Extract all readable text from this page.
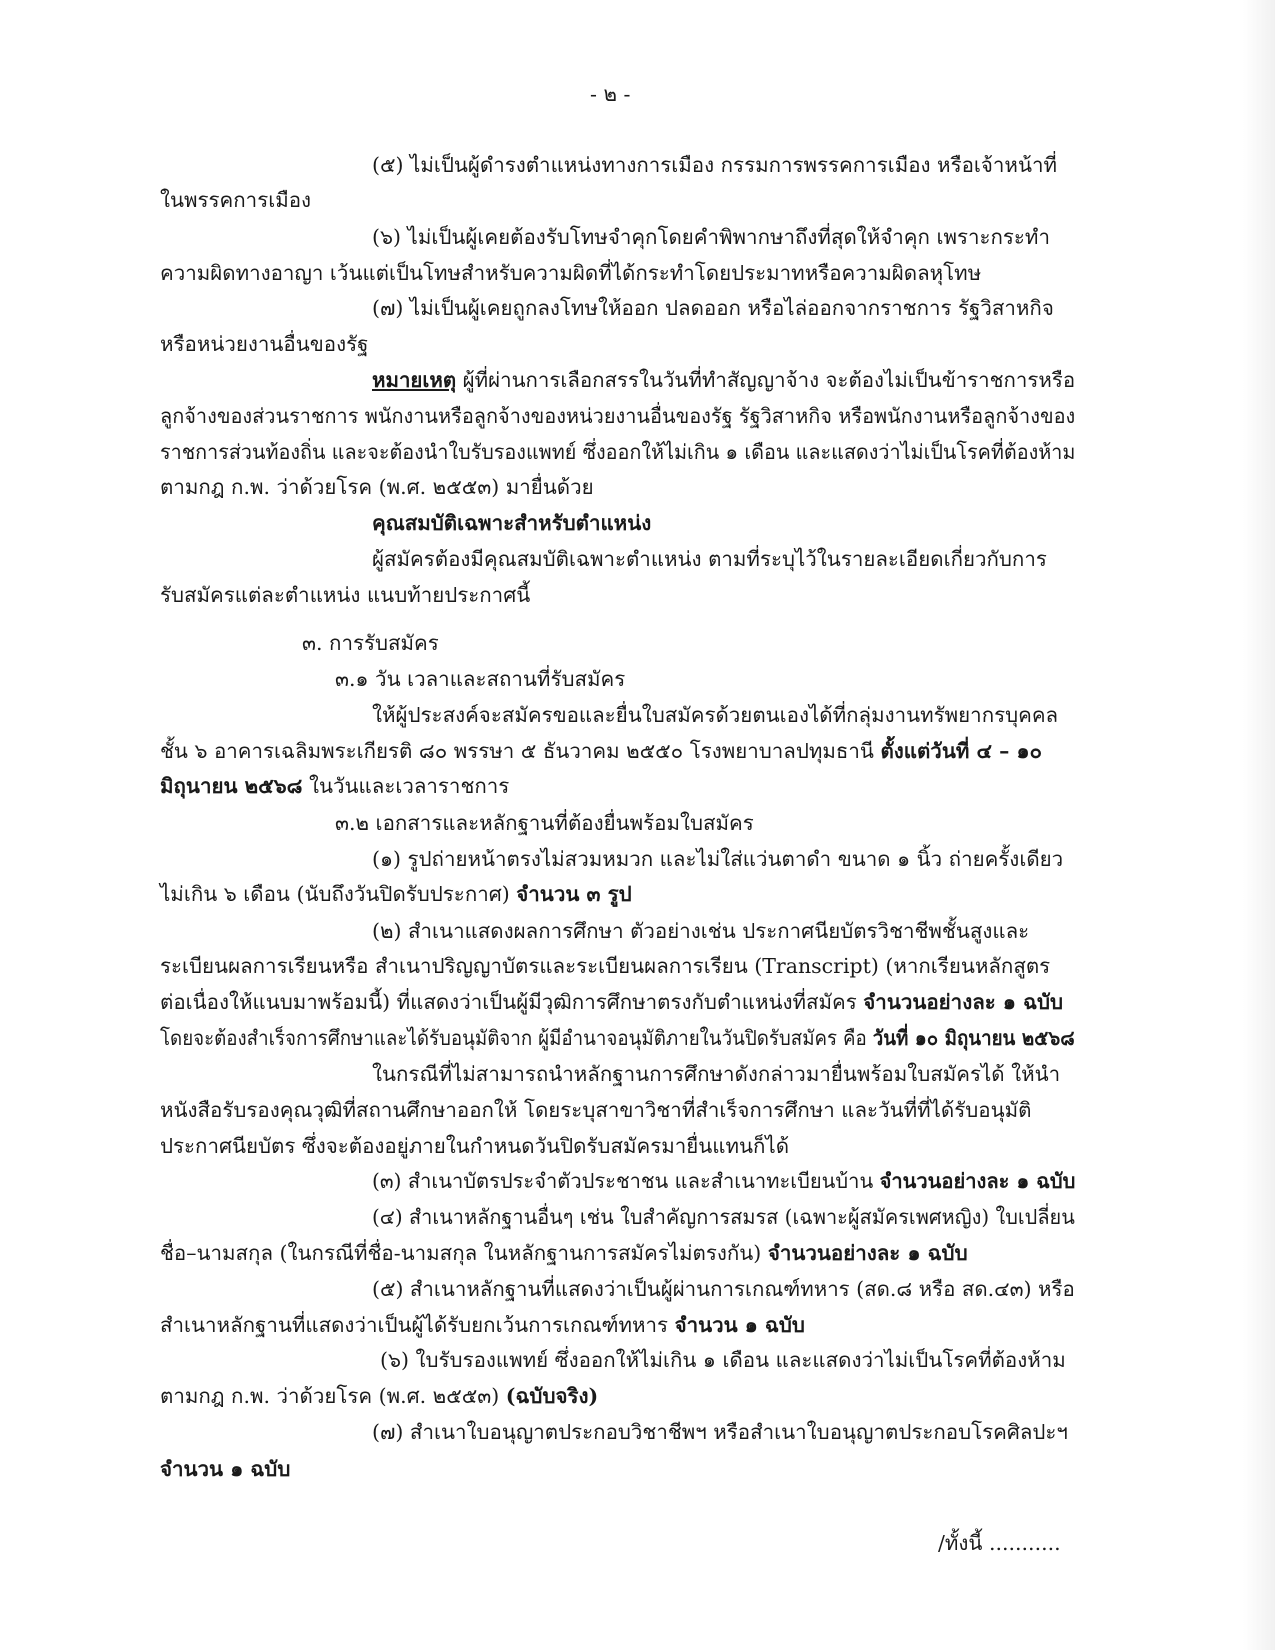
- ๒ -
(๕) ไม่เป็นผู้ดำรงตำแหน่งทางการเมือง กรรมการพรรคการเมือง หรือเจ้าหน้าที่
ในพรรคการเมือง
(๖) ไม่เป็นผู้เคยต้องรับโทษจำคุกโดยคำพิพากษาถึงที่สุดให้จำคุก เพราะกระทำ
ความผิดทางอาญา เว้นแต่เป็นโทษสำหรับความผิดที่ได้กระทำโดยประมาทหรือความผิดลหุโทษ
(๗) ไม่เป็นผู้เคยถูกลงโทษให้ออก ปลดออก หรือไล่ออกจากราชการ รัฐวิสาหกิจ
หรือหน่วยงานอื่นของรัฐ
หมายเหตุ ผู้ที่ผ่านการเลือกสรรในวันที่ทำสัญญาจ้าง จะต้องไม่เป็นข้าราชการหรือ
ลูกจ้างของส่วนราชการ พนักงานหรือลูกจ้างของหน่วยงานอื่นของรัฐ รัฐวิสาหกิจ หรือพนักงานหรือลูกจ้างของ
ราชการส่วนท้องถิ่น และจะต้องนำใบรับรองแพทย์ ซึ่งออกให้ไม่เกิน ๑ เดือน และแสดงว่าไม่เป็นโรคที่ต้องห้าม
ตามกฎ ก.พ. ว่าด้วยโรค (พ.ศ. ๒๕๕๓) มายื่นด้วย
คุณสมบัติเฉพาะสำหรับตำแหน่ง
ผู้สมัครต้องมีคุณสมบัติเฉพาะตำแหน่ง ตามที่ระบุไว้ในรายละเอียดเกี่ยวกับการ
รับสมัครแต่ละตำแหน่ง แนบท้ายประกาศนี้
๓. การรับสมัคร
๓.๑ วัน เวลาและสถานที่รับสมัคร
ให้ผู้ประสงค์จะสมัครขอและยื่นใบสมัครด้วยตนเองได้ที่กลุ่มงานทรัพยากรบุคคล
ชั้น ๖ อาคารเฉลิมพระเกียรติ ๘๐ พรรษา ๕ ธันวาคม ๒๕๕๐ โรงพยาบาลปทุมธานี ตั้งแต่วันที่ ๔ – ๑๐
มิถุนายน ๒๕๖๘ ในวันและเวลาราชการ
๓.๒ เอกสารและหลักฐานที่ต้องยื่นพร้อมใบสมัคร
(๑) รูปถ่ายหน้าตรงไม่สวมหมวก และไม่ใส่แว่นตาดำ ขนาด ๑ นิ้ว ถ่ายครั้งเดียว
ไม่เกิน ๖ เดือน (นับถึงวันปิดรับประกาศ) จำนวน ๓ รูป
(๒) สำเนาแสดงผลการศึกษา ตัวอย่างเช่น ประกาศนียบัตรวิชาชีพชั้นสูงและ
ระเบียนผลการเรียนหรือ สำเนาปริญญาบัตรและระเบียนผลการเรียน (Transcript) (หากเรียนหลักสูตร
ต่อเนื่องให้แนบมาพร้อมนี้) ที่แสดงว่าเป็นผู้มีวุฒิการศึกษาตรงกับตำแหน่งที่สมัคร จำนวนอย่างละ ๑ ฉบับ
โดยจะต้องสำเร็จการศึกษาและได้รับอนุมัติจาก ผู้มีอำนาจอนุมัติภายในวันปิดรับสมัคร คือ วันที่ ๑๐ มิถุนายน ๒๕๖๘
ในกรณีที่ไม่สามารถนำหลักฐานการศึกษาดังกล่าวมายื่นพร้อมใบสมัครได้ ให้นำ
หนังสือรับรองคุณวุฒิที่สถานศึกษาออกให้ โดยระบุสาขาวิชาที่สำเร็จการศึกษา และวันที่ที่ได้รับอนุมัติ
ประกาศนียบัตร ซึ่งจะต้องอยู่ภายในกำหนดวันปิดรับสมัครมายื่นแทนก็ได้
(๓) สำเนาบัตรประจำตัวประชาชน และสำเนาทะเบียนบ้าน จำนวนอย่างละ ๑ ฉบับ
(๔) สำเนาหลักฐานอื่นๆ เช่น ใบสำคัญการสมรส (เฉพาะผู้สมัครเพศหญิง) ใบเปลี่ยน
ชื่อ–นามสกุล (ในกรณีที่ชื่อ-นามสกุล ในหลักฐานการสมัครไม่ตรงกัน) จำนวนอย่างละ ๑ ฉบับ
(๕) สำเนาหลักฐานที่แสดงว่าเป็นผู้ผ่านการเกณฑ์ทหาร (สด.๘ หรือ สด.๔๓) หรือ
สำเนาหลักฐานที่แสดงว่าเป็นผู้ได้รับยกเว้นการเกณฑ์ทหาร จำนวน ๑ ฉบับ
(๖) ใบรับรองแพทย์ ซึ่งออกให้ไม่เกิน ๑ เดือน และแสดงว่าไม่เป็นโรคที่ต้องห้าม
ตามกฎ ก.พ. ว่าด้วยโรค (พ.ศ. ๒๕๕๓) (ฉบับจริง)
(๗) สำเนาใบอนุญาตประกอบวิชาชีพฯ หรือสำเนาใบอนุญาตประกอบโรคศิลปะฯ
จำนวน ๑ ฉบับ
/ทั้งนี้ ...........
